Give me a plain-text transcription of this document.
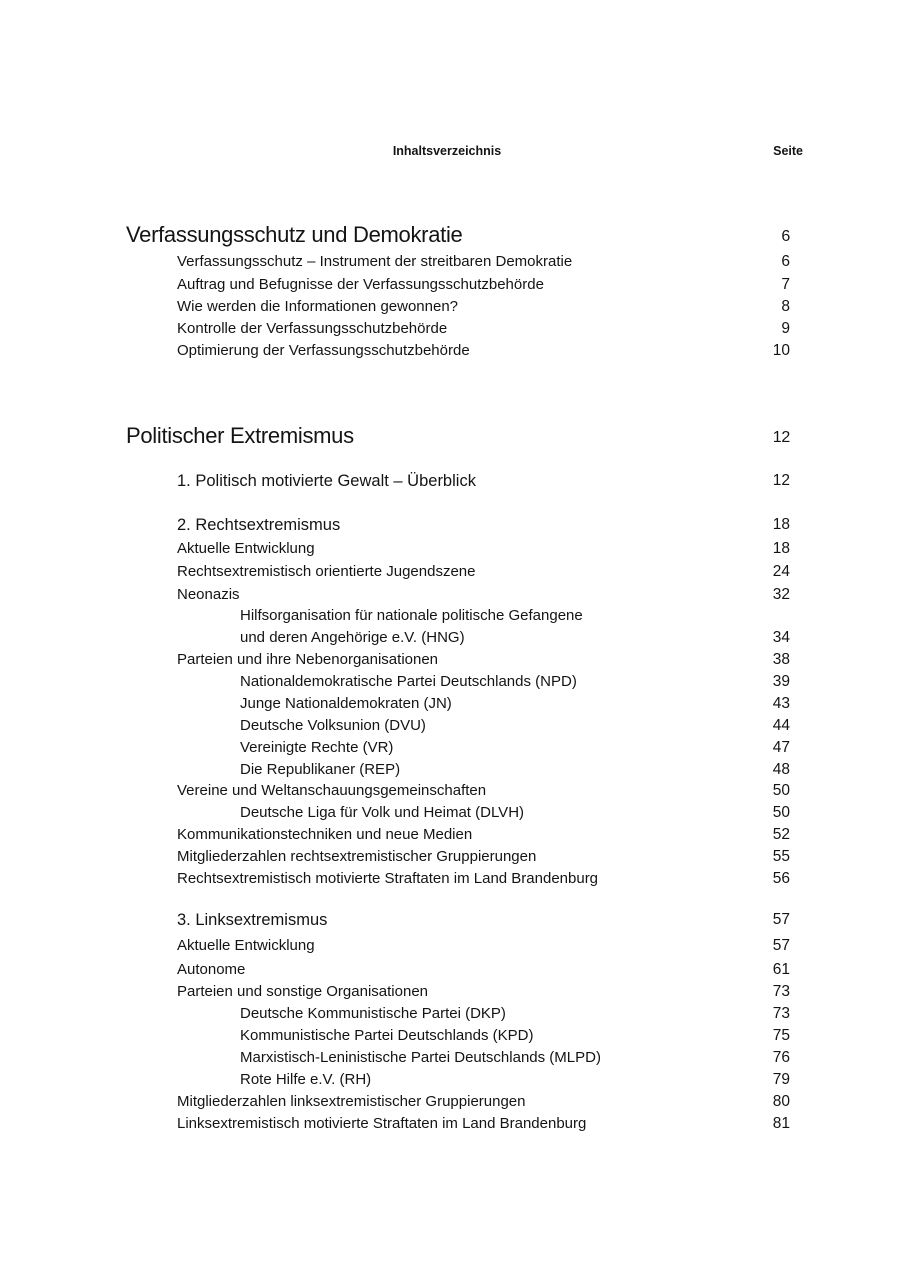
Inhaltsverzeichnis	Seite
Verfassungsschutz und Demokratie	6
Verfassungsschutz – Instrument der streitbaren Demokratie	6
Auftrag und Befugnisse der Verfassungsschutzbehörde	7
Wie werden die Informationen gewonnen?	8
Kontrolle der Verfassungsschutzbehörde	9
Optimierung der Verfassungsschutzbehörde	10
Politischer Extremismus	12
1. Politisch motivierte Gewalt – Überblick	12
2. Rechtsextremismus	18
Aktuelle Entwicklung	18
Rechtsextremistisch orientierte Jugendszene	24
Neonazis	32
Hilfsorganisation für nationale politische Gefangene
und deren Angehörige e.V. (HNG)	34
Parteien und ihre Nebenorganisationen	38
Nationaldemokratische Partei Deutschlands (NPD)	39
Junge Nationaldemokraten (JN)	43
Deutsche Volksunion (DVU)	44
Vereinigte Rechte (VR)	47
Die Republikaner (REP)	48
Vereine und Weltanschauungsgemeinschaften	50
Deutsche Liga für Volk und Heimat (DLVH)	50
Kommunikationstechniken und neue Medien	52
Mitgliederzahlen rechtsextremistischer Gruppierungen	55
Rechtsextremistisch motivierte Straftaten im Land Brandenburg	56
3. Linksextremismus	57
Aktuelle Entwicklung	57
Autonome	61
Parteien und sonstige Organisationen	73
Deutsche Kommunistische Partei (DKP)	73
Kommunistische Partei Deutschlands (KPD)	75
Marxistisch-Leninistische Partei Deutschlands (MLPD)	76
Rote Hilfe e.V. (RH)	79
Mitgliederzahlen linksextremistischer Gruppierungen	80
Linksextremistisch motivierte Straftaten im Land Brandenburg	81
